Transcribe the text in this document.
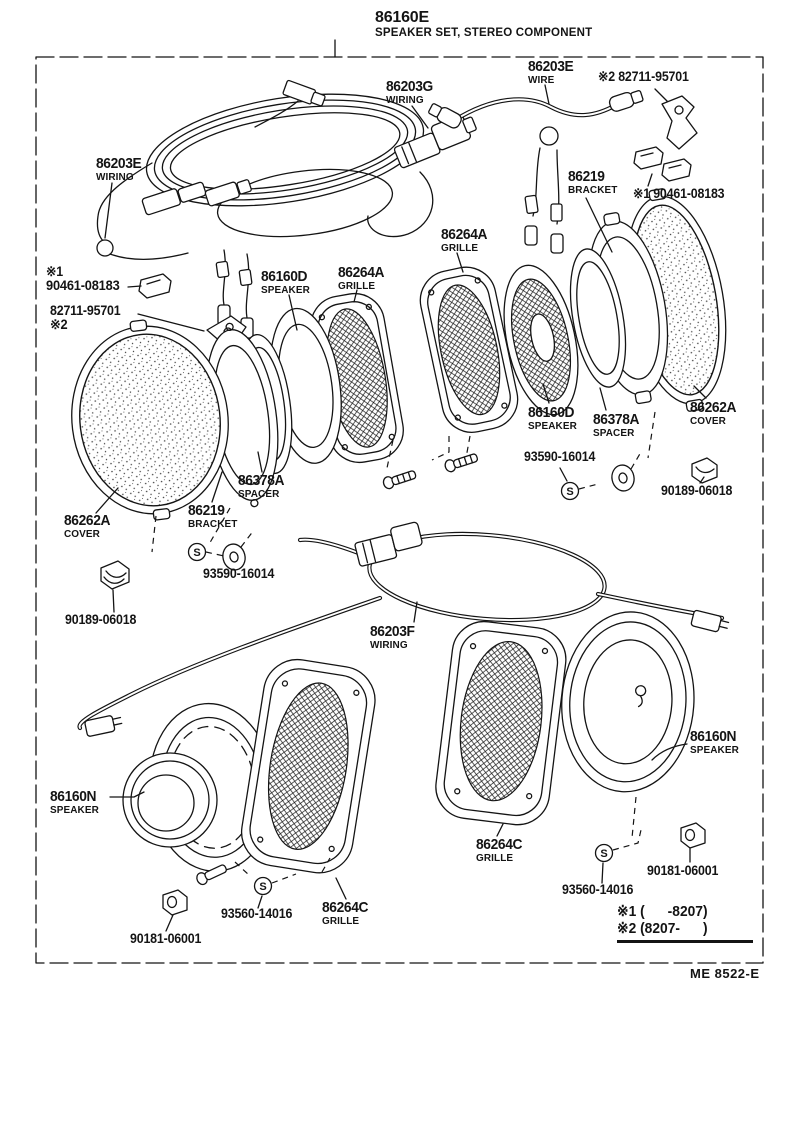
S
S
S
S
86160E
SPEAKER SET, STEREO COMPONENT
86203G
WIRING
86203E
WIRE	※2 82711-95701
86203E
WIRING	86219
BRACKET ※1 90461-08183
86264A
GRILLE
※1
90461-08183
82711-95701
※2
86160D
SPEAKER
86264A
GRILLE
86262A
COVER
86160D
SPEAKER 86378A
SPACER
93590-16014
90189-06018
86378A
SPACER
86219
BRACKET
86262A
COVER
93590-16014
90189-06018
86203F
WIRING
86160N
SPEAKER
86160N
SPEAKER
86264C
GRILLE
90181-06001
93560-14016
93560-14016 86264C
GRILLE
90181-06001
※1 (      -8207)
※2 (8207-      )
ME 8522-E
